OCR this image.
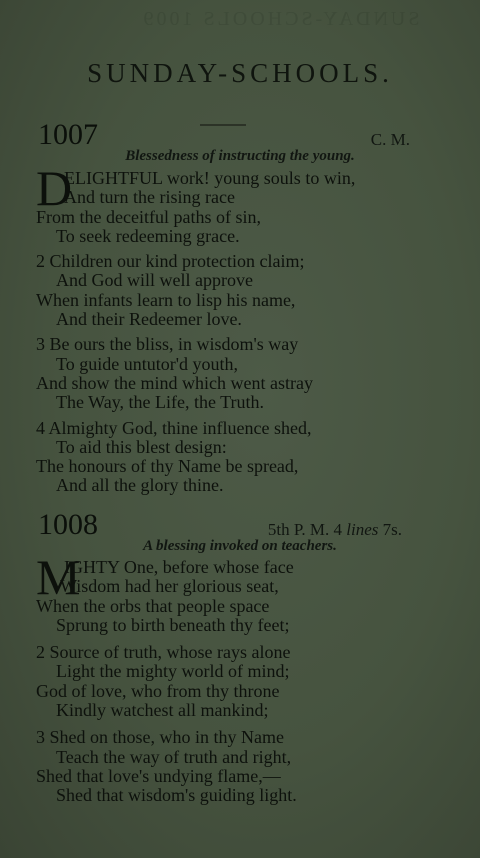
SUNDAY-SCHOOLS 1009
SUNDAY-SCHOOLS.
1007	C. M.
Blessedness of instructing the young.
D
ELIGHTFUL work! young souls to win,
And turn the rising race
From the deceitful paths of sin,
To seek redeeming grace.
2 Children our kind protection claim;
And God will well approve
When infants learn to lisp his name,
And their Redeemer love.
3 Be ours the bliss, in wisdom's way
To guide untutor'd youth,
And show the mind which went astray
The Way, the Life, the Truth.
4 Almighty God, thine influence shed,
To aid this blest design:
The honours of thy Name be spread,
And all the glory thine.
1008	5th P. M. 4 lines 7s.
A blessing invoked on teachers.
M
IGHTY One, before whose face
Wisdom had her glorious seat,
When the orbs that people space
Sprung to birth beneath thy feet;
2 Source of truth, whose rays alone
Light the mighty world of mind;
God of love, who from thy throne
Kindly watchest all mankind;
3 Shed on those, who in thy Name
Teach the way of truth and right,
Shed that love's undying flame,—
Shed that wisdom's guiding light.
